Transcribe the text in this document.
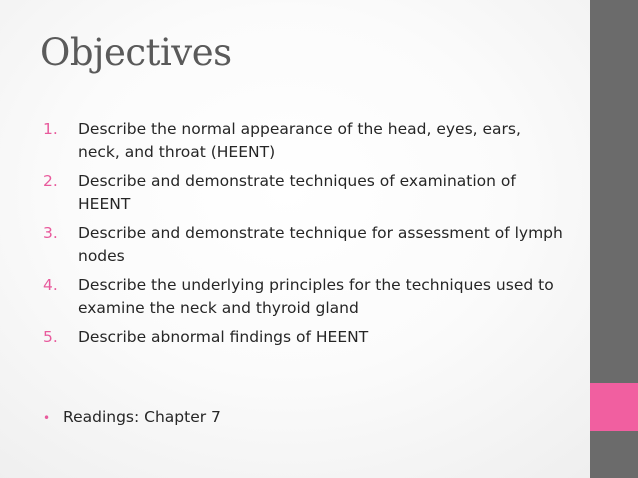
Objectives
1. Describe the normal appearance of the head, eyes, ears, neck, and throat (HEENT)
2. Describe and demonstrate techniques of examination of HEENT
3. Describe and demonstrate technique for assessment of lymph nodes
4. Describe the underlying principles for the techniques used to examine the neck and thyroid gland
5. Describe abnormal findings of HEENT

• Readings: Chapter 7
